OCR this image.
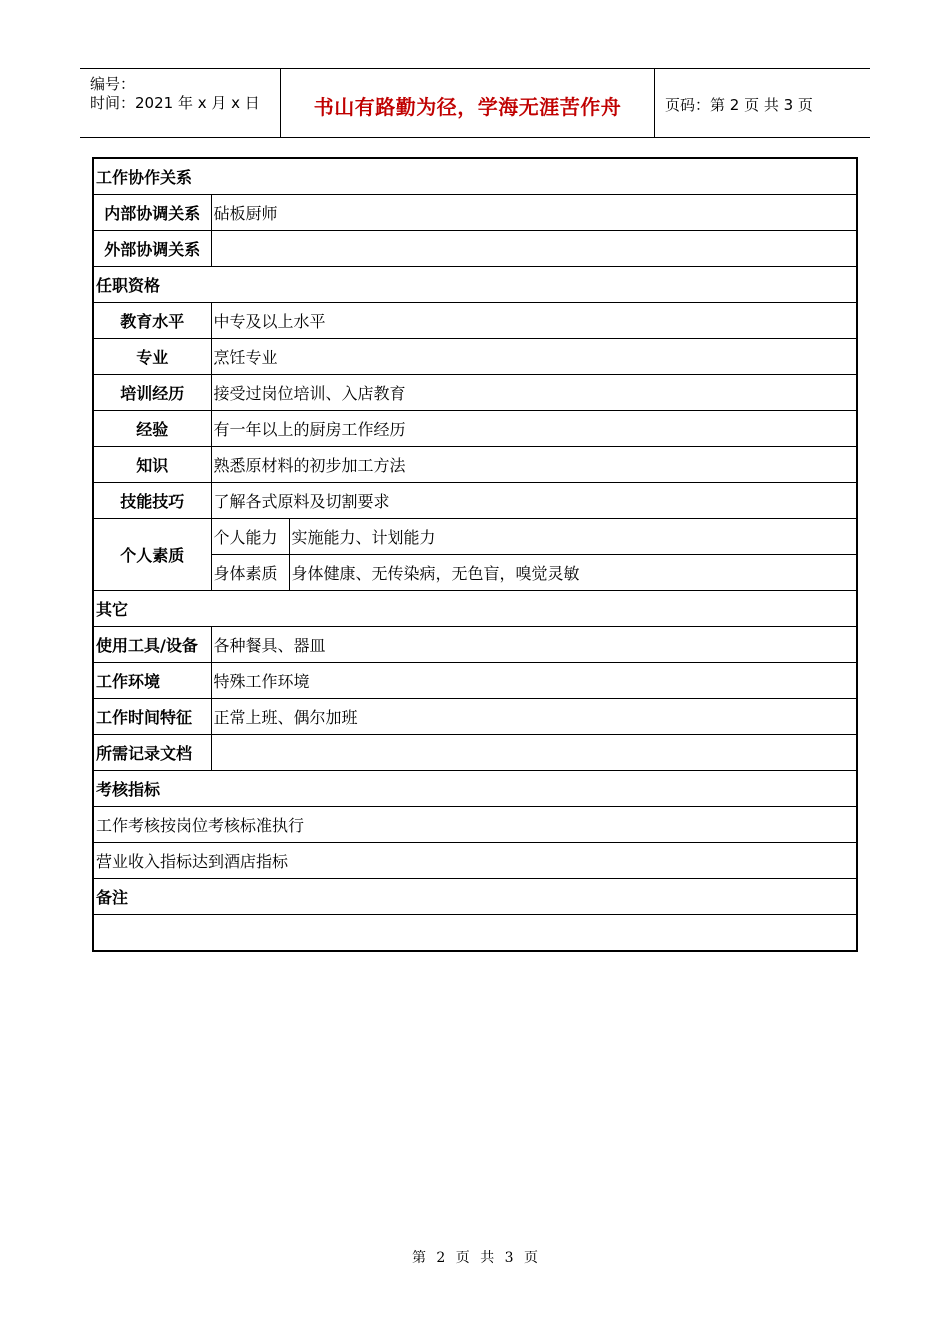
编号：
时间：2021 年 x 月 x 日	书山有路勤为径，学海无涯苦作舟	页码：第 2 页 共 3 页
工作协作关系		
内部协调关系	砧板厨师	
外部协调关系		
任职资格		
教育水平	中专及以上水平	
专业	烹饪专业	
培训经历	接受过岗位培训、入店教育	
经验	有一年以上的厨房工作经历	
知识	熟悉原材料的初步加工方法	
技能技巧	了解各式原料及切割要求	
个人素质	个人能力	实施能力、计划能力
	身体素质	身体健康、无传染病，无色盲，嗅觉灵敏
其它		
使用工具/设备	各种餐具、器皿	
工作环境	特殊工作环境	
工作时间特征	正常上班、偶尔加班	
所需记录文档		
考核指标		
工作考核按岗位考核标准执行		
营业收入指标达到酒店指标		
备注		

第 2 页 共 3 页
